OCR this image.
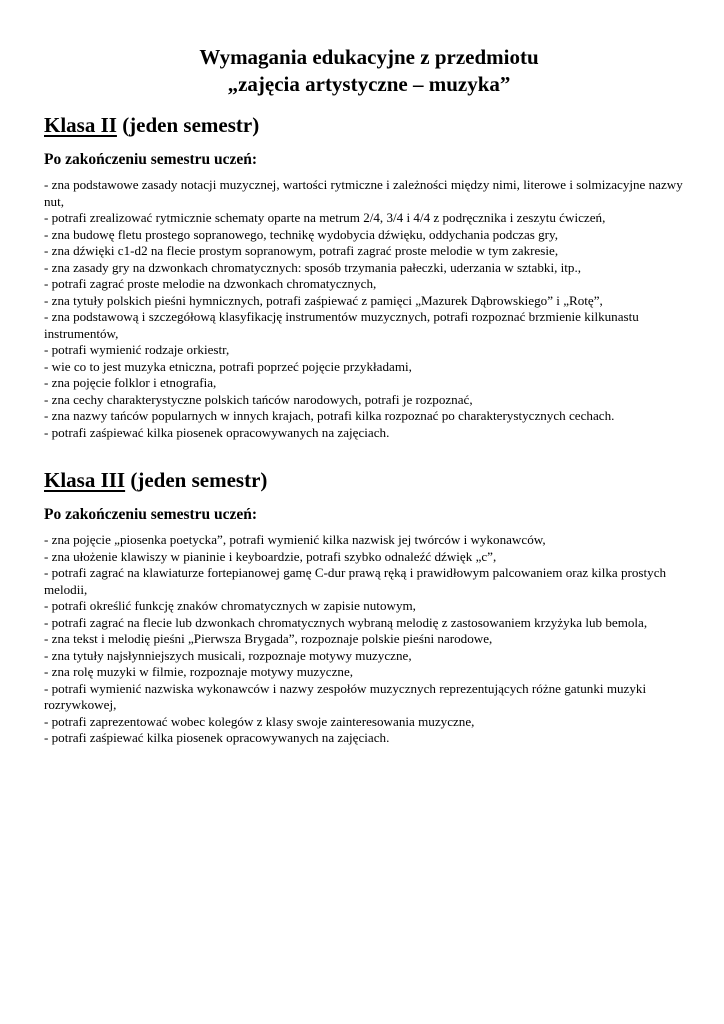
Wymagania edukacyjne z przedmiotu
„zajęcia artystyczne – muzyka”
Klasa II (jeden semestr)
Po zakończeniu semestru uczeń:
- zna podstawowe zasady notacji muzycznej, wartości rytmiczne i zależności między nimi, literowe i solmizacyjne nazwy nut,
- potrafi zrealizować rytmicznie schematy oparte na metrum 2/4, 3/4 i 4/4 z podręcznika i zeszytu ćwiczeń,
- zna budowę fletu prostego sopranowego, technikę wydobycia dźwięku, oddychania podczas gry,
- zna dźwięki c1-d2 na flecie prostym sopranowym, potrafi zagrać proste melodie w tym zakresie,
- zna zasady gry na dzwonkach chromatycznych: sposób trzymania pałeczki, uderzania w sztabki, itp.,
- potrafi zagrać proste melodie na dzwonkach chromatycznych,
- zna tytuły polskich pieśni hymnicznych, potrafi zaśpiewać z pamięci „Mazurek Dąbrowskiego” i „Rotę”,
- zna podstawową i szczegółową klasyfikację instrumentów muzycznych, potrafi rozpoznać brzmienie kilkunastu instrumentów,
- potrafi wymienić rodzaje orkiestr,
- wie co to jest muzyka etniczna, potrafi poprzeć pojęcie przykładami,
- zna pojęcie folklor i etnografia,
- zna cechy charakterystyczne polskich tańców narodowych, potrafi je rozpoznać,
- zna nazwy tańców popularnych w innych krajach, potrafi kilka rozpoznać po charakterystycznych cechach.
- potrafi zaśpiewać kilka piosenek opracowywanych na zajęciach.
Klasa III (jeden semestr)
Po zakończeniu semestru uczeń:
- zna pojęcie „piosenka poetycka”, potrafi wymienić kilka nazwisk jej twórców i wykonawców,
- zna ułożenie klawiszy w pianinie i keyboardzie, potrafi szybko odnaleźć dźwięk „c”,
- potrafi zagrać na klawiaturze fortepianowej gamę C-dur prawą ręką i prawidłowym palcowaniem oraz kilka prostych melodii,
- potrafi określić funkcję znaków chromatycznych w zapisie nutowym,
- potrafi zagrać na flecie lub dzwonkach chromatycznych wybraną melodię z zastosowaniem krzyżyka lub bemola,
- zna tekst i melodię pieśni „Pierwsza Brygada”, rozpoznaje polskie pieśni narodowe,
- zna tytuły najsłynniejszych musicali, rozpoznaje motywy muzyczne,
- zna rolę muzyki w filmie, rozpoznaje motywy muzyczne,
- potrafi wymienić nazwiska wykonawców i nazwy zespołów muzycznych reprezentujących różne gatunki muzyki rozrywkowej,
- potrafi zaprezentować wobec kolegów z klasy swoje zainteresowania muzyczne,
- potrafi zaśpiewać kilka piosenek opracowywanych na zajęciach.
